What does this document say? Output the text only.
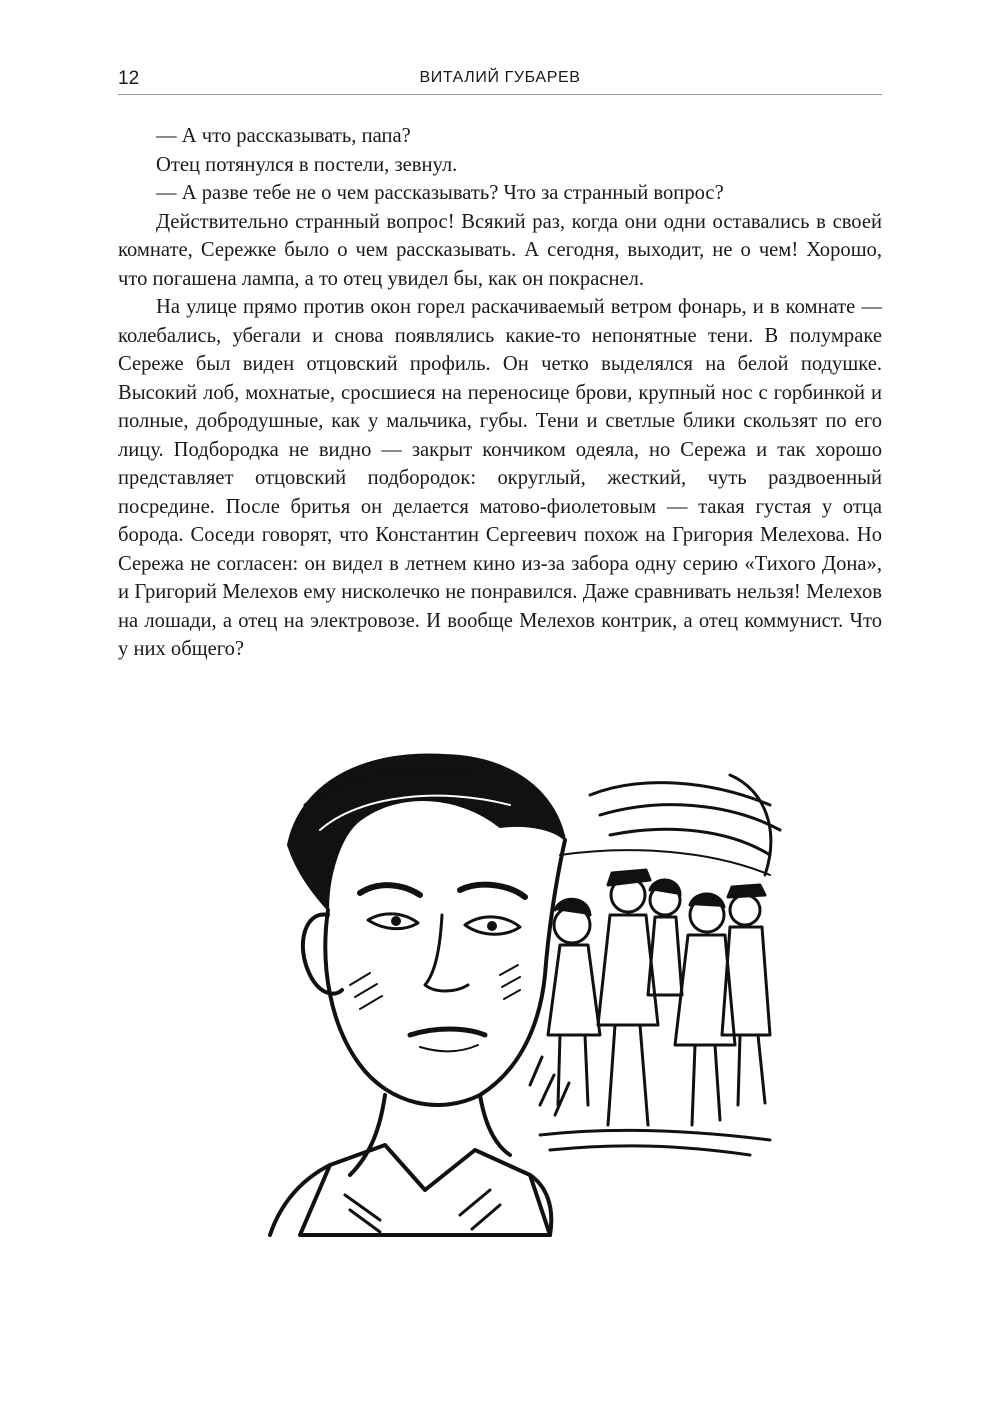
12	ВИТАЛИЙ ГУБАРЕВ

— А что рассказывать, папа?

Отец потянулся в постели, зевнул.

— А разве тебе не о чем рассказывать? Что за странный вопрос?

Действительно странный вопрос! Всякий раз, когда они одни оставались в своей комнате, Сережке было о чем рассказывать. А сегодня, выходит, не о чем! Хорошо, что погашена лампа, а то отец увидел бы, как он покраснел.

На улице прямо против окон горел раскачиваемый ветром фонарь, и в комнате — колебались, убегали и снова появлялись какие-то непонятные тени. В полумраке Сереже был виден отцовский профиль. Он четко выделялся на белой подушке. Высокий лоб, мохнатые, сросшиеся на переносице брови, крупный нос с горбинкой и полные, добродушные, как у мальчика, губы. Тени и светлые блики скользят по его лицу. Подбородка не видно — закрыт кончиком одеяла, но Сережа и так хорошо представляет отцовский подбородок: округлый, жесткий, чуть раздвоенный посредине. После бритья он делается матово-фиолетовым — такая густая у отца борода. Соседи говорят, что Константин Сергеевич похож на Григория Мелехова. Но Сережа не согласен: он видел в летнем кино из-за забора одну серию «Тихого Дона», и Григорий Мелехов ему нисколечко не понравился. Даже сравнивать нельзя! Мелехов на лошади, а отец на электровозе. И вообще Мелехов контрик, а отец коммунист. Что у них общего?
